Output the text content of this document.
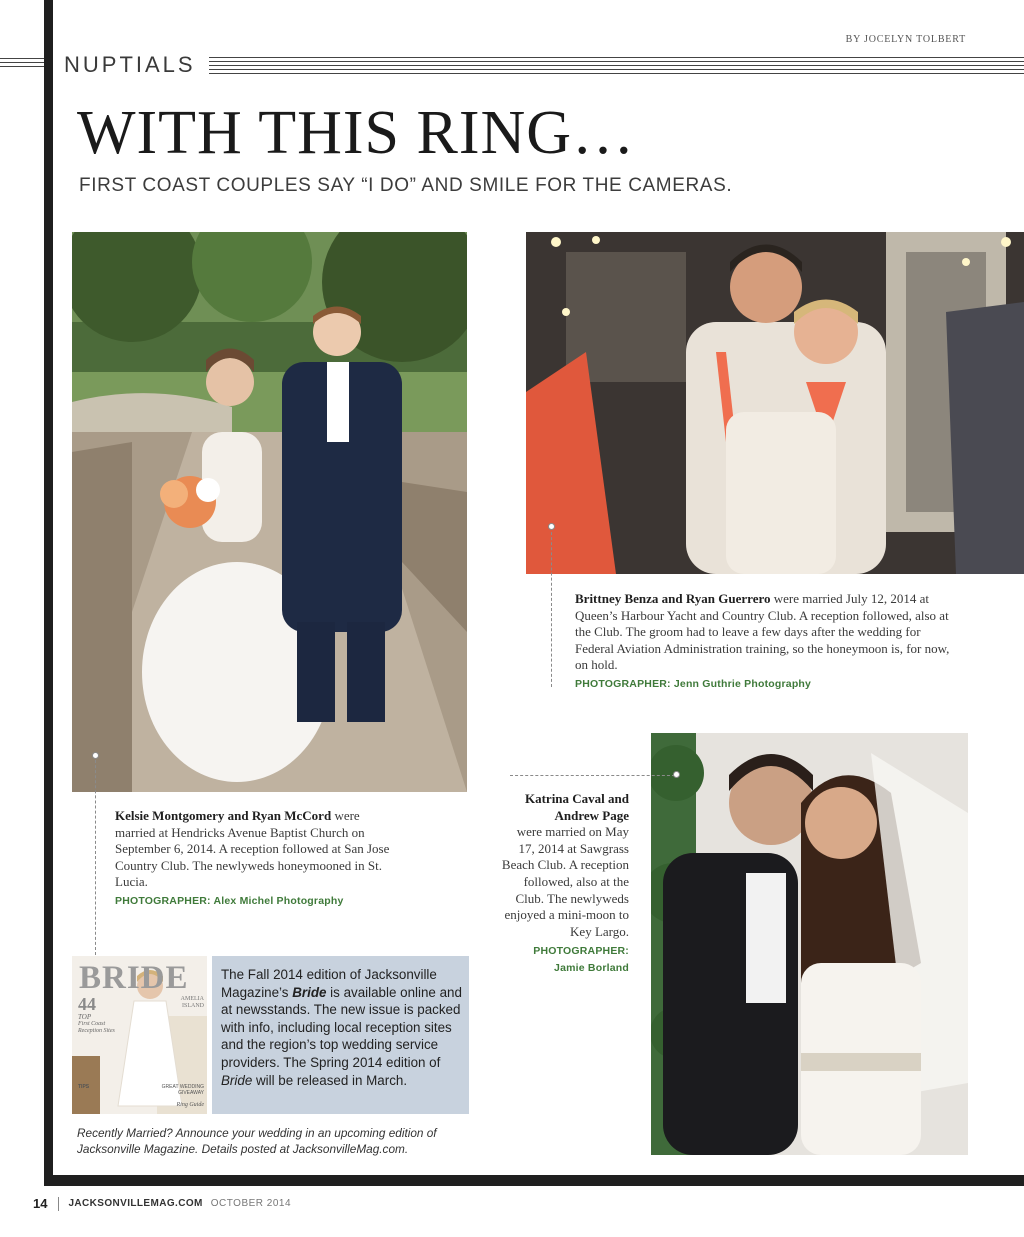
BY JOCELYN TOLBERT
NUPTIALS
WITH THIS RING…
FIRST COAST COUPLES SAY “I DO” AND SMILE FOR THE CAMERAS.
Kelsie Montgomery and Ryan McCord were married at Hendricks Avenue Baptist Church on September 6, 2014. A reception followed at San Jose Country Club. The newlyweds honeymooned in St. Lucia.
PHOTOGRAPHER: Alex Michel Photography
Brittney Benza and Ryan Guerrero were married July 12, 2014 at Queen’s Harbour Yacht and Country Club. A reception followed, also at the Club. The groom had to leave a few days after the wedding for Federal Aviation Administration training, so the honeymoon is, for now, on hold.
PHOTOGRAPHER: Jenn Guthrie Photography
Katrina Caval and Andrew Page
were married on May 17, 2014 at Sawgrass Beach Club. A reception followed, also at the Club. The newlyweds enjoyed a mini-moon to Key Largo.
PHOTOGRAPHER:
Jamie Borland
BRIDE
44
TOP
First Coast Reception Sites
AMELIA ISLAND
GREAT WEDDING GIVEAWAY
TIPS
Ring Guide
The Fall 2014 edition of Jacksonville Magazine’s Bride is available online and at newsstands. The new issue is packed with info, including local reception sites and the region’s top wedding service providers. The Spring 2014 edition of Bride will be released in March.
Recently Married? Announce your wedding in an upcoming edition of Jacksonville Magazine. Details posted at JacksonvilleMag.com.
14 JACKSONVILLEMAG.COM OCTOBER 2014
